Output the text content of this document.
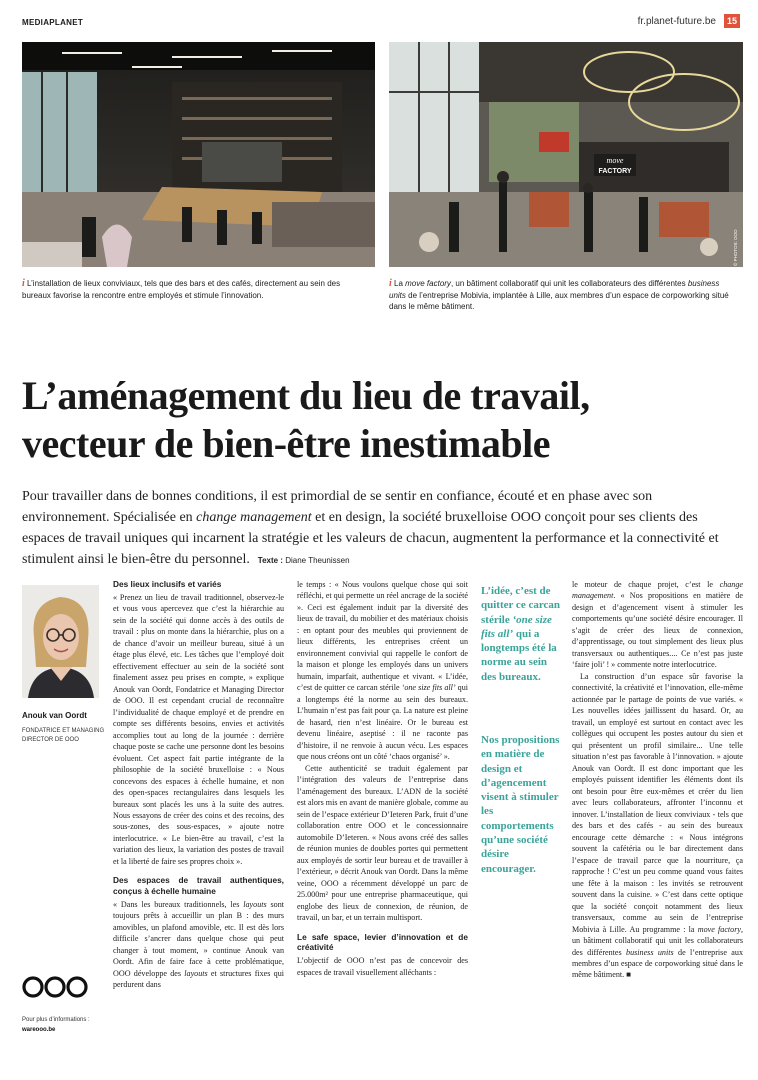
MEDIAPLANET	fr.planet-future.be	15
move
FACTORY
© PHOTOS: OOO
i L’installation de lieux conviviaux, tels que des bars et des cafés, directement au sein des bureaux favorise la rencontre entre employés et stimule l’innovation.
i La move factory, un bâtiment collaboratif qui unit les collaborateurs des différentes business units de l’entreprise Mobivia, implantée à Lille, aux membres d’un espace de corpoworking situé dans le même bâtiment.
L’aménagement du lieu de travail,
vecteur de bien-être inestimable
Pour travailler dans de bonnes conditions, il est primordial de se sentir en confiance, écouté et en phase avec son environnement. Spécialisée en change management et en design, la société bruxelloise OOO conçoit pour ses clients des espaces de travail uniques qui incarnent la stratégie et les valeurs de chacun, augmentent la performance et la connectivité et stimulent ainsi le bien-être du personnel. Texte : Diane Theunissen
Anouk van Oordt
FONDATRICE ET MANAGING
DIRECTOR DE OOO
Pour plus d’informations :
wareooo.be
Des lieux inclusifs et variés

« Prenez un lieu de travail traditionnel, observez-le et vous vous apercevez que c’est la hiérarchie au sein de la société qui donne accès à des outils de travail : plus on monte dans la hiérarchie, plus on a de chance d’avoir un meilleur bureau, situé à un étage plus élevé, etc. Les tâches que l’employé doit effectivement effectuer au sein de la société sont finalement assez peu prises en compte, » explique Anouk van Oordt, Fondatrice et Managing Director de OOO. Il est cependant crucial de reconnaître l’individualité de chaque employé et de prendre en compte ses différents besoins, envies et activités accomplies tout au long de la journée : derrière chaque poste se cache une personne dont les besoins évoluent. Cet aspect fait partie intégrante de la philosophie de la société bruxelloise : « Nous concevons des espaces à échelle humaine, et non des open-spaces rectangulaires dans lesquels les bureaux sont placés les uns à la suite des autres. Nous essayons de créer des coins et des recoins, des sous-zones, des sous-espaces, » ajoute notre interlocutrice. « Le bien-être au travail, c’est la variation des lieux, la variation des postes de travail et la liberté de faire ses propres choix ».

Des espaces de travail authentiques, conçus à échelle humaine

« Dans les bureaux traditionnels, les layouts sont toujours prêts à accueillir un plan B : des murs amovibles, un plafond amovible, etc. Il est dès lors difficile s’ancrer dans quelque chose qui peut changer à tout moment, » continue Anouk van Oordt. Afin de faire face à cette problématique, OOO développe des layouts et structures fixes qui perdurent dans

le temps : « Nous voulons quelque chose qui soit réfléchi, et qui permette un réel ancrage de la société ». Ceci est également induit par la diversité des lieux de travail, du mobilier et des matériaux choisis : en optant pour des meubles qui proviennent de lieux différents, les entreprises créent un environnement convivial qui rappelle le confort de la maison et plonge les employés dans un univers humain, imparfait, authentique et vivant. « L’idée, c’est de quitter ce carcan stérile ‘one size fits all’ qui a longtemps été la norme au sein des bureaux. L’humain n’est pas fait pour ça. La nature est pleine de hasard, rien n’est linéaire. Or le bureau est devenu linéaire, aseptisé : il ne raconte pas d’histoire, il ne renvoie à aucun vécu. Les espaces que nous créons ont un côté ‘chaos organisé’ ».

Cette authenticité se traduit également par l’intégration des valeurs de l’entreprise dans l’aménagement des bureaux. L’ADN de la société est alors mis en avant de manière globale, comme au sein de l’espace extérieur D’Ieteren Park, fruit d’une collaboration entre OOO et le concessionnaire automobile D’Ieteren. « Nous avons créé des salles de réunion munies de doubles portes qui permettent aux employés de sortir leur bureau et de travailler à l’extérieur, » décrit Anouk van Oordt. Dans la même veine, OOO a récemment développé un parc de 25.000m² pour une entreprise pharmaceutique, qui englobe des lieux de connexion, de réunion, de travail, un bar, et un terrain multisport.

Le safe space, levier d’innovation et de créativité

L’objectif de OOO n’est pas de concevoir des espaces de travail visuellement alléchants :

L’idée, c’est de quitter ce carcan stérile ‘one size fits all’ qui a longtemps été la norme au sein des bureaux.
Nos propositions en matière de design et d’agencement visent à stimuler les comportements qu’une société désire encourager.

le moteur de chaque projet, c’est le change management. « Nos propositions en matière de design et d’agencement visent à stimuler les comportements qu’une société désire encourager. Il s’agit de créer des lieux de connexion, d’apprentissage, ou tout simplement des lieux plus transversaux ou authentiques.... Ce n’est pas juste ‘faire joli’ ! » commente notre interlocutrice.

La construction d’un espace sûr favorise la connectivité, la créativité et l’innovation, elle-même actionnée par le partage de points de vue variés. « Les nouvelles idées jaillissent du hasard. Or, au travail, un employé est surtout en contact avec les collègues qui occupent les postes autour du sien et qui présentent un profil similaire... Une telle situation n’est pas favorable à l’innovation. » ajoute Anouk van Oordt. Il est donc important que les employés puissent identifier les éléments dont ils ont besoin pour être eux-mêmes et créer du lien avec leurs collaborateurs, affronter l’inconnu et innover. L’installation de lieux conviviaux - tels que des bars et des cafés - au sein des bureaux encourage cette démarche : « Nous intégrons souvent la cafétéria ou le bar directement dans l’espace de travail parce que la nourriture, ça rapproche ! C’est un peu comme quand vous faites une fête à la maison : les invités se retrouvent souvent dans la cuisine. » C’est dans cette optique que la société conçoit notamment des lieux transversaux, comme au sein de l’entreprise Mobivia à Lille. Au programme : la move factory, un bâtiment collaboratif qui unit les collaborateurs des différentes business units de l’entreprise aux membres d’un espace de corpoworking situé dans le même bâtiment. ■
